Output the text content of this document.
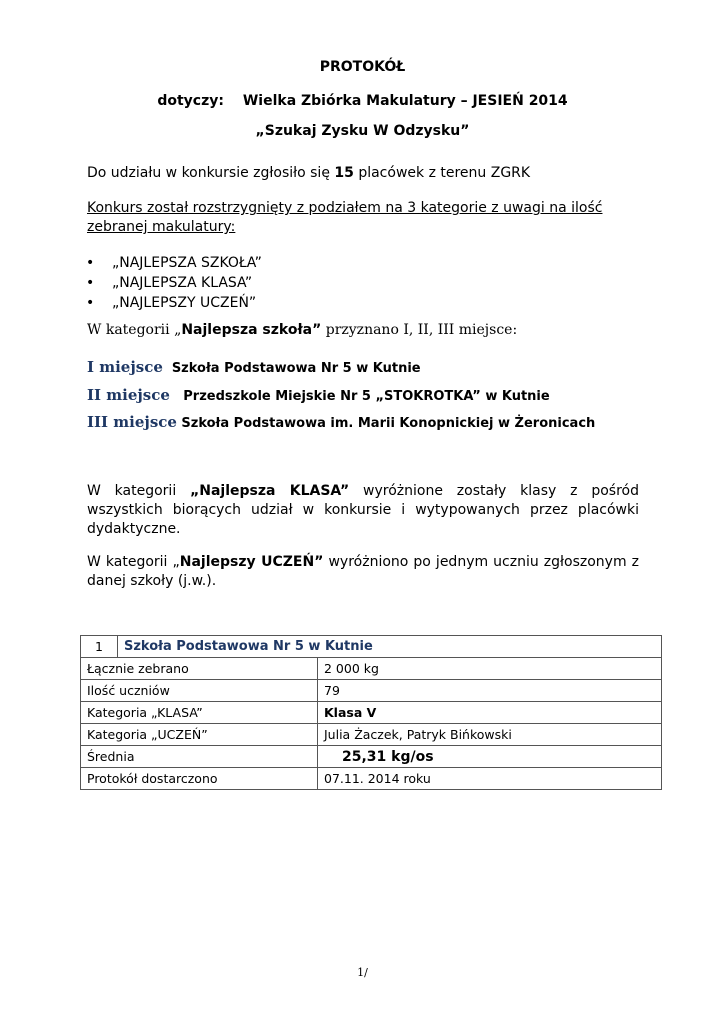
PROTOKÓŁ
dotyczy: Wielka Zbiórka Makulatury – JESIEŃ 2014
„Szukaj Zysku W Odzysku”
Do udziału w konkursie zgłosiło się 15 placówek z terenu ZGRK
Konkurs został rozstrzygnięty z podziałem na 3 kategorie z uwagi na ilość zebranej makulatury:
• „NAJLEPSZA SZKOŁA”
• „NAJLEPSZA KLASA”
• „NAJLEPSZY UCZEŃ”
W kategorii „Najlepsza szkoła” przyznano I, II, III miejsce:
I miejsce Szkoła Podstawowa Nr 5 w Kutnie
II miejsce Przedszkole Miejskie Nr 5 „STOKROTKA” w Kutnie
III miejsce Szkoła Podstawowa im. Marii Konopnickiej w Żeronicach
W kategorii „Najlepsza KLASA” wyróżnione zostały klasy z pośród wszystkich biorących udział w konkursie i wytypowanych przez placówki dydaktyczne.
W kategorii „Najlepszy UCZEŃ” wyróżniono po jednym uczniu zgłoszonym z danej szkoły (j.w.).
1 Szkoła Podstawowa Nr 5 w Kutnie	

Łącznie zebrano	2 000 kg
Ilość uczniów	79
Kategoria „KLASA”	Klasa V
Kategoria „UCZEŃ”	Julia Żaczek, Patryk Bińkowski
Średnia	25,31 kg/os
Protokół dostarczono	07.11. 2014 roku
1/
